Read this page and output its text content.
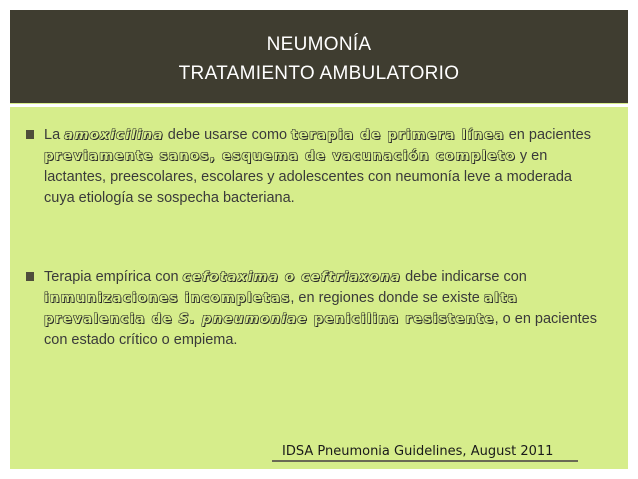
NEUMONÍA
TRATAMIENTO AMBULATORIO
La amoxicilina debe usarse como terapia de primera línea en pacientes previamente sanos, esquema de vacunación completo y en lactantes, preescolares, escolares y adolescentes con neumonía leve a moderada cuya etiología se sospecha bacteriana.
Terapia empírica con cefotaxima o ceftriaxona debe indicarse con inmunizaciones incompletas, en regiones donde se existe alta prevalencia de S. pneumoniae penicilina resistente, o en pacientes con estado crítico o empiema.
IDSA Pneumonia Guidelines, August 2011
